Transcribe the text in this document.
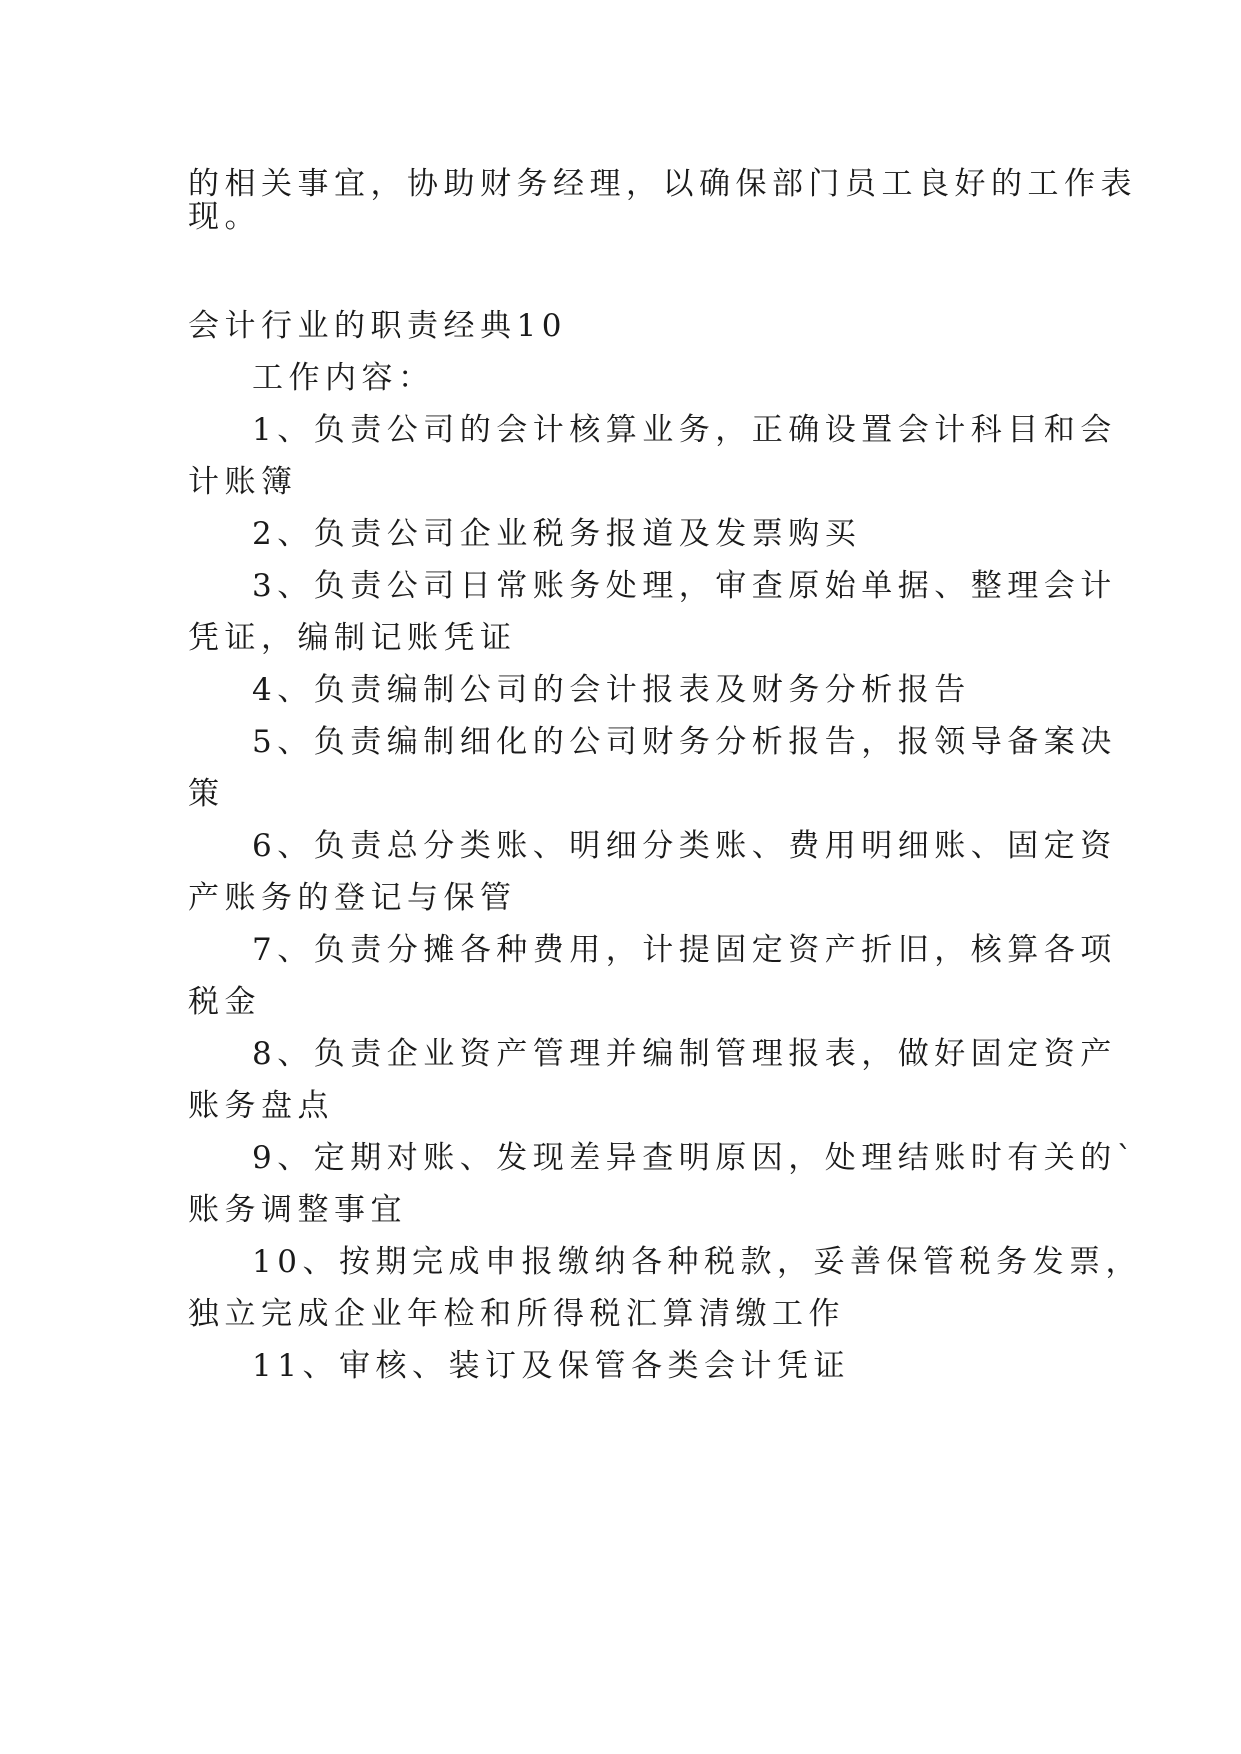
的相关事宜，协助财务经理，以确保部门员工良好的工作表
现。
会计行业的职责经典10
工作内容：
1、负责公司的会计核算业务，正确设置会计科目和会
计账簿
2、负责公司企业税务报道及发票购买
3、负责公司日常账务处理，审查原始单据、整理会计
凭证，编制记账凭证
4、负责编制公司的会计报表及财务分析报告
5、负责编制细化的公司财务分析报告，报领导备案决
策
6、负责总分类账、明细分类账、费用明细账、固定资
产账务的登记与保管
7、负责分摊各种费用，计提固定资产折旧，核算各项
税金
8、负责企业资产管理并编制管理报表，做好固定资产
账务盘点
9、定期对账、发现差异查明原因，处理结账时有关的`
账务调整事宜
10、按期完成申报缴纳各种税款，妥善保管税务发票，
独立完成企业年检和所得税汇算清缴工作
11、审核、装订及保管各类会计凭证
